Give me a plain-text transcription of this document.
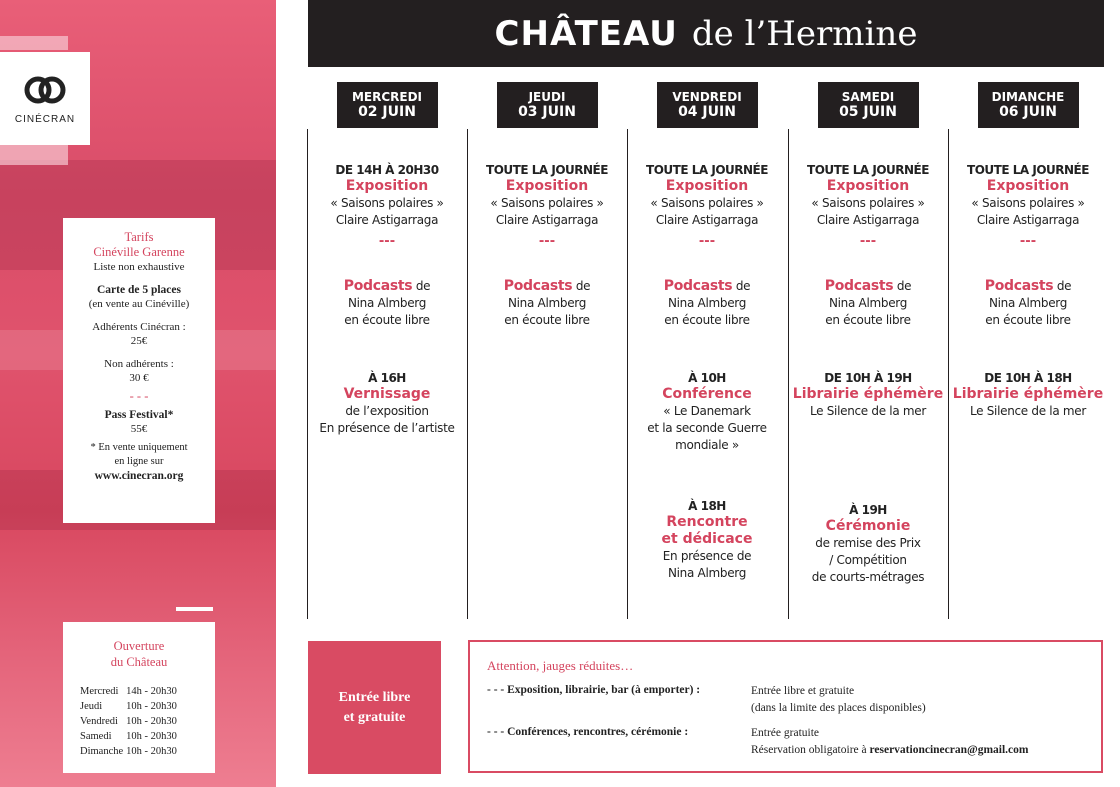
CINÉCRAN
Tarifs
Cinéville Garenne
Liste non exhaustive
Carte de 5 places
(en vente au Cinéville)
Adhérents Cinécran :
25€
Non adhérents :
30 €
- - -
Pass Festival*
55€
* En vente uniquement
en ligne sur
www.cinecran.org
Ouverture
du Château
Mercredi	14h - 20h30
Jeudi	10h - 20h30
Vendredi	10h - 20h30
Samedi	10h - 20h30
Dimanche	10h - 20h30
CHÂTEAU de l’Hermine
MERCREDI
02 JUIN
DE 14H À 20H30
Exposition
« Saisons polaires »
Claire Astigarraga
---
Podcasts de
Nina Almberg
en écoute libre
À 16H
Vernissage
de l’exposition
En présence de l’artiste
JEUDI
03 JUIN
TOUTE LA JOURNÉE
Exposition
« Saisons polaires »
Claire Astigarraga
---
Podcasts de
Nina Almberg
en écoute libre
VENDREDI
04 JUIN
TOUTE LA JOURNÉE
Exposition
« Saisons polaires »
Claire Astigarraga
---
Podcasts de
Nina Almberg
en écoute libre
À 10H
Conférence
« Le Danemark
et la seconde Guerre
mondiale »
À 18H
Rencontre
et dédicace
En présence de
Nina Almberg
SAMEDI
05 JUIN
TOUTE LA JOURNÉE
Exposition
« Saisons polaires »
Claire Astigarraga
---
Podcasts de
Nina Almberg
en écoute libre
DE 10H À 19H
Librairie éphémère
Le Silence de la mer
À 19H
Cérémonie
de remise des Prix
/ Compétition
de courts-métrages
DIMANCHE
06 JUIN
TOUTE LA JOURNÉE
Exposition
« Saisons polaires »
Claire Astigarraga
---
Podcasts de
Nina Almberg
en écoute libre
DE 10H À 18H
Librairie éphémère
Le Silence de la mer
Entrée libre
et gratuite
Attention, jauges réduites…
- - - Exposition, librairie, bar (à emporter) :	Entrée libre et gratuite
(dans la limite des places disponibles)
- - - Conférences, rencontres, cérémonie :	Entrée gratuite
Réservation obligatoire à reservationcinecran@gmail.com
